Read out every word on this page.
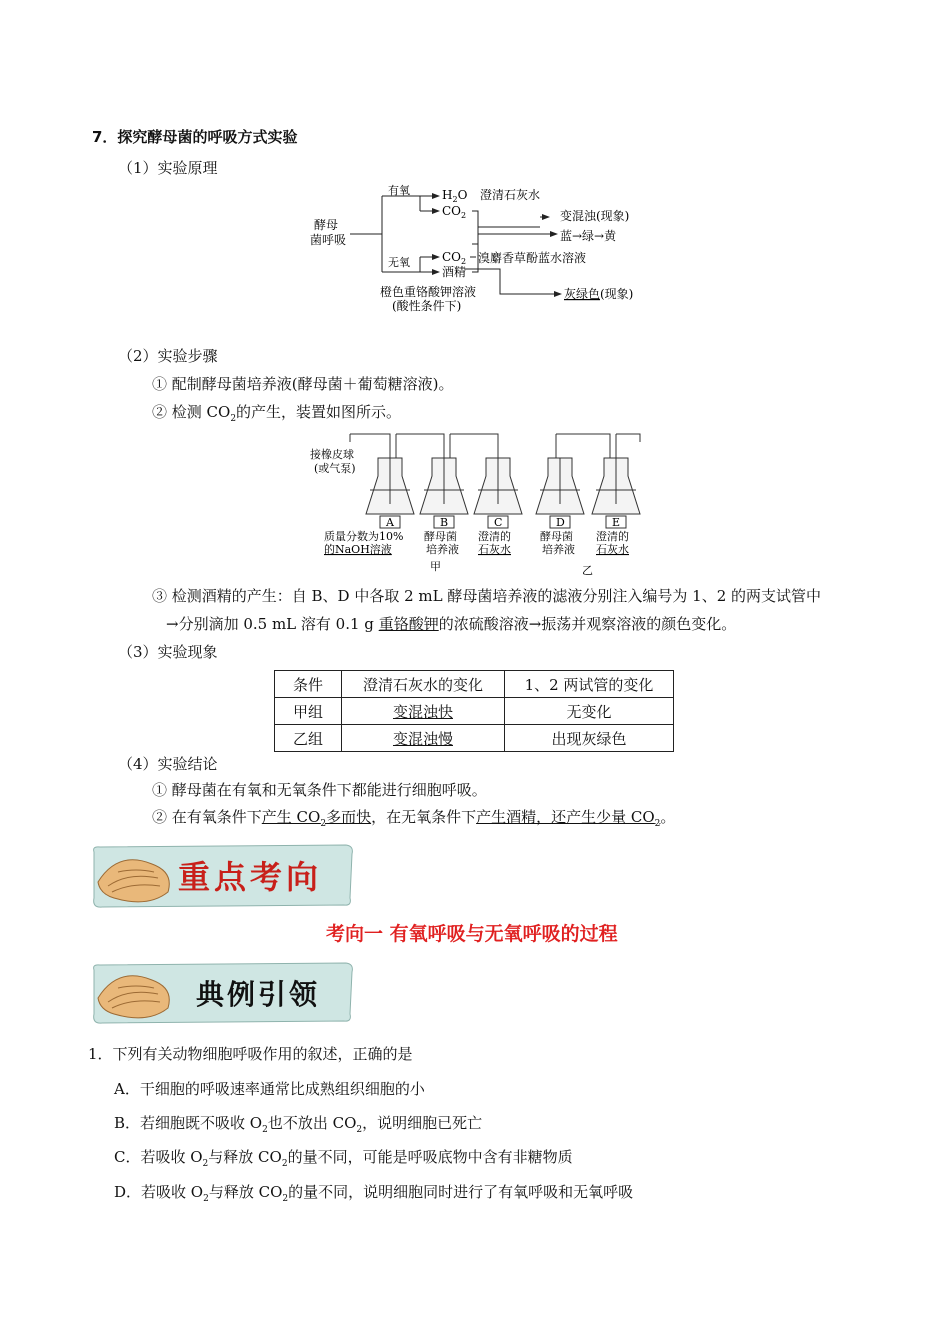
7．探究酵母菌的呼吸方式实验
（1）实验原理
酵母
菌呼吸
有氧
无氧
$H_2O$
$CO_2$
$CO_2$
酒精
澄清石灰水
变混浊(现象)
蓝→绿→黄
溴麝香草酚蓝水溶液
橙色重铬酸钾溶液
(酸性条件下)
灰绿色 (现象)
（2）实验步骤
① 配制酵母菌培养液(酵母菌＋葡萄糖溶液)。
② 检测 $CO_2$的产生，装置如图所示。
A	B	C	D	E
接橡皮球
(或气泵)
质量分数为10%
的NaOH溶液
酵母菌
培养液
澄清的
石灰水
酵母菌
培养液
澄清的
石灰水
甲	乙
③ 检测酒精的产生：自 B、D 中各取 2 mL 酵母菌培养液的滤液分别注入编号为 1、2 的两支试管中
→分别滴加 0.5 mL 溶有 0.1 g 重铬酸钾的浓硫酸溶液→振荡并观察溶液的颜色变化。
（3）实验现象
条件	澄清石灰水的变化	1、2 两试管的变化
甲组	变混浊快	无变化
乙组	变混浊慢	出现灰绿色
（4）实验结论
① 酵母菌在有氧和无氧条件下都能进行细胞呼吸。
② 在有氧条件下产生 $CO_2$多而快，在无氧条件下产生酒精，还产生少量 $CO_2$。
重点考向
考向一 有氧呼吸与无氧呼吸的过程
典例引领
1．下列有关动物细胞呼吸作用的叙述，正确的是
A．干细胞的呼吸速率通常比成熟组织细胞的小
B．若细胞既不吸收 $O_2$也不放出 $CO_2$，说明细胞已死亡
C．若吸收 $O_2$与释放 $CO_2$的量不同，可能是呼吸底物中含有非糖物质
D．若吸收 $O_2$与释放 $CO_2$的量不同，说明细胞同时进行了有氧呼吸和无氧呼吸
